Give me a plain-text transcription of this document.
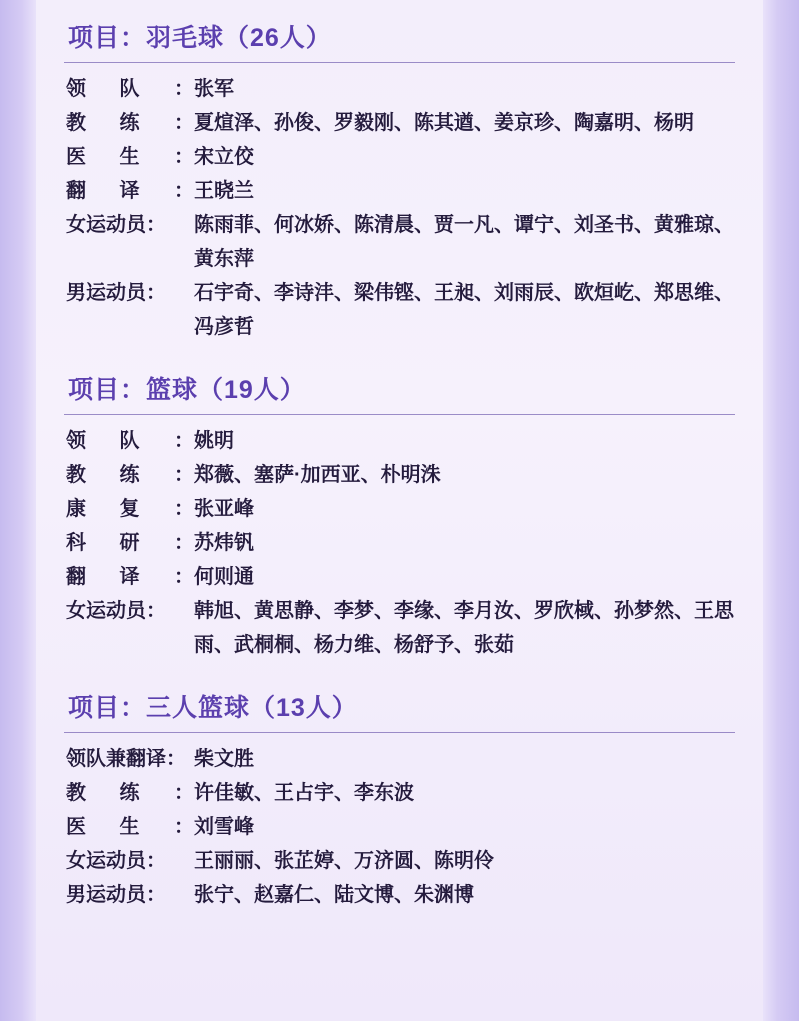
项目：羽毛球（26人）
领 队 ： 张军
教 练 ： 夏煊泽、孙俊、罗毅刚、陈其遒、姜京珍、陶嘉明、杨明
医 生 ： 宋立佼
翻 译 ： 王晓兰
女运动员：	陈雨菲、何冰娇、陈清晨、贾一凡、谭宁、刘圣书、黄雅琼、黄东萍
男运动员：	石宇奇、李诗沣、梁伟铿、王昶、刘雨辰、欧烜屹、郑思维、冯彦哲
项目：篮球（19人）
领 队 ： 姚明
教 练 ： 郑薇、塞萨·加西亚、朴明洙
康 复 ： 张亚峰
科 研 ： 苏炜钒
翻 译 ： 何则通
女运动员：	韩旭、黄思静、李梦、李缘、李月汝、罗欣棫、孙梦然、王思雨、武桐桐、杨力维、杨舒予、张茹
项目：三人篮球（13人）
领队兼翻译： 柴文胜
教 练 ： 许佳敏、王占宇、李东波
医 生 ： 刘雪峰
女运动员：	王丽丽、张芷婷、万济圆、陈明伶
男运动员：	张宁、赵嘉仁、陆文博、朱渊博
